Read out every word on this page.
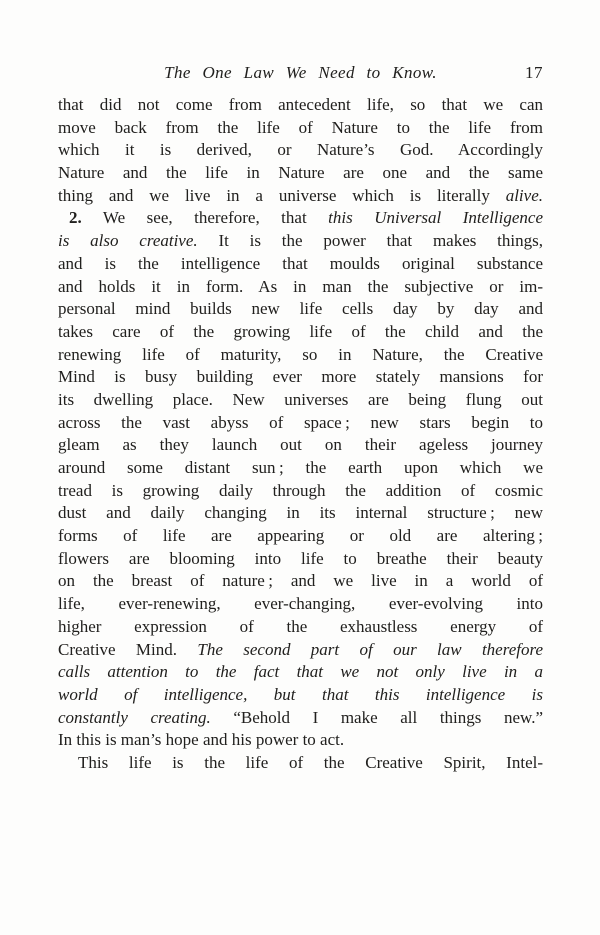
The One Law We Need to Know.	17
that did not come from antecedent life, so that we can
move back from the life of Nature to the life from
which it is derived, or Nature’s God. Accordingly
Nature and the life in Nature are one and the same
thing and we live in a universe which is literally alive.
2. We see, therefore, that this Universal Intelligence
is also creative. It is the power that makes things,
and is the intelligence that moulds original substance
and holds it in form. As in man the subjective or im-
personal mind builds new life cells day by day and
takes care of the growing life of the child and the
renewing life of maturity, so in Nature, the Creative
Mind is busy building ever more stately mansions for
its dwelling place. New universes are being flung out
across the vast abyss of space ; new stars begin to
gleam as they launch out on their ageless journey
around some distant sun ; the earth upon which we
tread is growing daily through the addition of cosmic
dust and daily changing in its internal structure ; new
forms of life are appearing or old are altering ;
flowers are blooming into life to breathe their beauty
on the breast of nature ; and we live in a world of
life, ever-renewing, ever-changing, ever-evolving into
higher expression of the exhaustless energy of
Creative Mind. The second part of our law therefore
calls attention to the fact that we not only live in a
world of intelligence, but that this intelligence is
constantly creating. “Behold I make all things new.”
In this is man’s hope and his power to act.
This life is the life of the Creative Spirit, Intel-
